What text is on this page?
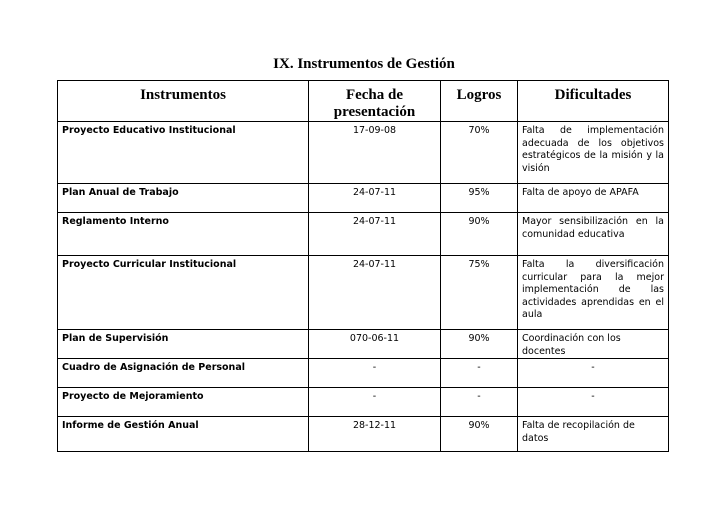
IX. Instrumentos de Gestión
Instrumentos	Fecha de presentación	Logros	Dificultades
Proyecto Educativo Institucional	17-09-08	70%	Falta de implementación adecuada de los objetivos estratégicos de la misión y la visión
Plan Anual de Trabajo	24-07-11	95%	Falta de apoyo de APAFA
Reglamento Interno	24-07-11	90%	Mayor sensibilización en la comunidad educativa
Proyecto Curricular Institucional	24-07-11	75%	Falta la diversificación curricular para la mejor implementación de las actividades aprendidas en el aula
Plan de Supervisión	070-06-11	90%	Coordinación con los docentes
Cuadro de Asignación de Personal	-	-	-
Proyecto de Mejoramiento	-	-	-
Informe de Gestión Anual	28-12-11	90%	Falta de recopilación de datos
